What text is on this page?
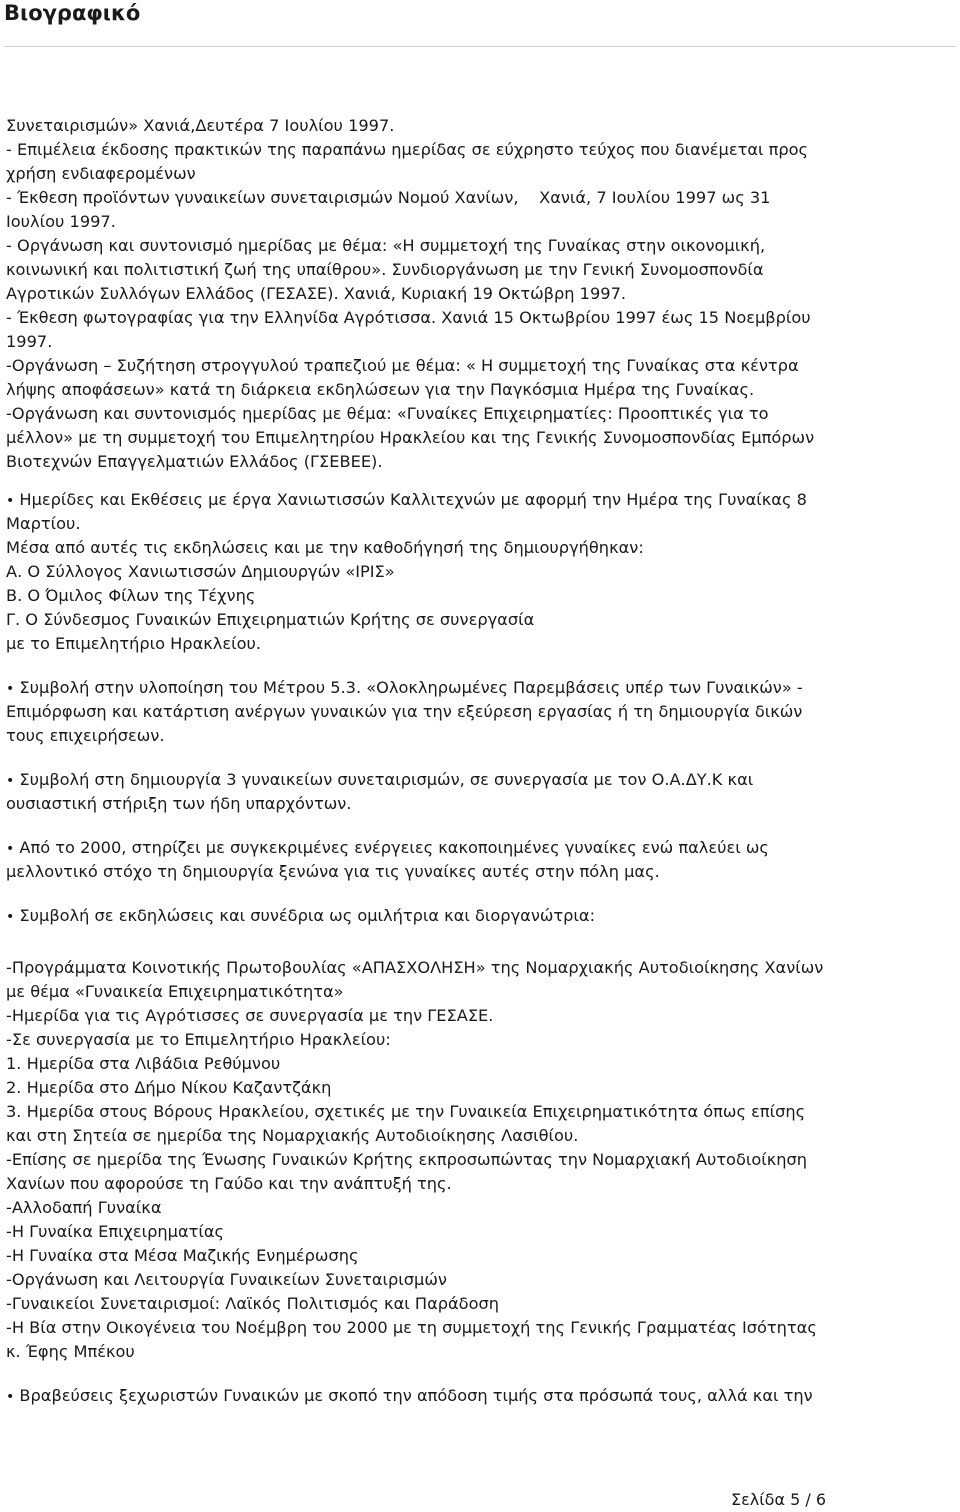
Βιογραφικό
Συνεταιρισμών» Χανιά,Δευτέρα 7 Ιουλίου 1997.
- Επιμέλεια έκδοσης πρακτικών της παραπάνω ημερίδας σε εύχρηστο τεύχος που διανέμεται προς
χρήση ενδιαφερομένων
- Έκθεση προϊόντων γυναικείων συνεταιρισμών Νομού Χανίων,    Χανιά, 7 Ιουλίου 1997 ως 31
Ιουλίου 1997.
- Οργάνωση και συντονισμό ημερίδας με θέμα: «Η συμμετοχή της Γυναίκας στην οικονομική,
κοινωνική και πολιτιστική ζωή της υπαίθρου». Συνδιοργάνωση με την Γενική Συνομοσπονδία
Αγροτικών Συλλόγων Ελλάδος (ΓΕΣΑΣΕ). Χανιά, Κυριακή 19 Οκτώβρη 1997.
- Έκθεση φωτογραφίας για την Ελληνίδα Αγρότισσα. Χανιά 15 Οκτωβρίου 1997 έως 15 Νοεμβρίου
1997.
-Οργάνωση – Συζήτηση στρογγυλού τραπεζιού με θέμα: « Η συμμετοχή της Γυναίκας στα κέντρα
λήψης αποφάσεων» κατά τη διάρκεια εκδηλώσεων για την Παγκόσμια Ημέρα της Γυναίκας.
-Οργάνωση και συντονισμός ημερίδας με θέμα: «Γυναίκες Επιχειρηματίες: Προοπτικές για το
μέλλον» με τη συμμετοχή του Επιμελητηρίου Ηρακλείου και της Γενικής Συνομοσπονδίας Εμπόρων
Βιοτεχνών Επαγγελματιών Ελλάδος (ΓΣΕΒΕΕ).
• Ημερίδες και Εκθέσεις με έργα Χανιωτισσών Καλλιτεχνών με αφορμή την Ημέρα της Γυναίκας 8
Μαρτίου.
Μέσα από αυτές τις εκδηλώσεις και με την καθοδήγησή της δημιουργήθηκαν:
Α. Ο Σύλλογος Χανιωτισσών Δημιουργών «ΙΡΙΣ»
Β. Ο Όμιλος Φίλων της Τέχνης
Γ. Ο Σύνδεσμος Γυναικών Επιχειρηματιών Κρήτης σε συνεργασία
με το Επιμελητήριο Ηρακλείου.
• Συμβολή στην υλοποίηση του Μέτρου 5.3. «Ολοκληρωμένες Παρεμβάσεις υπέρ των Γυναικών» -
Επιμόρφωση και κατάρτιση ανέργων γυναικών για την εξεύρεση εργασίας ή τη δημιουργία δικών
τους επιχειρήσεων.
• Συμβολή στη δημιουργία 3 γυναικείων συνεταιρισμών, σε συνεργασία με τον Ο.Α.ΔΥ.Κ και
ουσιαστική στήριξη των ήδη υπαρχόντων.
• Από το 2000, στηρίζει με συγκεκριμένες ενέργειες κακοποιημένες γυναίκες ενώ παλεύει ως
μελλοντικό στόχο τη δημιουργία ξενώνα για τις γυναίκες αυτές στην πόλη μας.
• Συμβολή σε εκδηλώσεις και συνέδρια ως ομιλήτρια και διοργανώτρια:
-Προγράμματα Κοινοτικής Πρωτοβουλίας «ΑΠΑΣΧΟΛΗΣΗ» της Νομαρχιακής Αυτοδιοίκησης Χανίων
με θέμα «Γυναικεία Επιχειρηματικότητα»
-Ημερίδα για τις Αγρότισσες σε συνεργασία με την ΓΕΣΑΣΕ.
-Σε συνεργασία με το Επιμελητήριο Ηρακλείου:
1. Ημερίδα στα Λιβάδια Ρεθύμνου
2. Ημερίδα στο Δήμο Νίκου Καζαντζάκη
3. Ημερίδα στους Βόρους Ηρακλείου, σχετικές με την Γυναικεία Επιχειρηματικότητα όπως επίσης
και στη Σητεία σε ημερίδα της Νομαρχιακής Αυτοδιοίκησης Λασιθίου.
-Επίσης σε ημερίδα της Ένωσης Γυναικών Κρήτης εκπροσωπώντας την Νομαρχιακή Αυτοδιοίκηση
Χανίων που αφορούσε τη Γαύδο και την ανάπτυξή της.
-Αλλοδαπή Γυναίκα
-Η Γυναίκα Επιχειρηματίας
-Η Γυναίκα στα Μέσα Μαζικής Ενημέρωσης
-Οργάνωση και Λειτουργία Γυναικείων Συνεταιρισμών
-Γυναικείοι Συνεταιρισμοί: Λαϊκός Πολιτισμός και Παράδοση
-Η Βία στην Οικογένεια του Νοέμβρη του 2000 με τη συμμετοχή της Γενικής Γραμματέας Ισότητας
κ. Έφης Μπέκου
• Βραβεύσεις ξεχωριστών Γυναικών με σκοπό την απόδοση τιμής στα πρόσωπά τους, αλλά και την
Σελίδα 5 / 6
